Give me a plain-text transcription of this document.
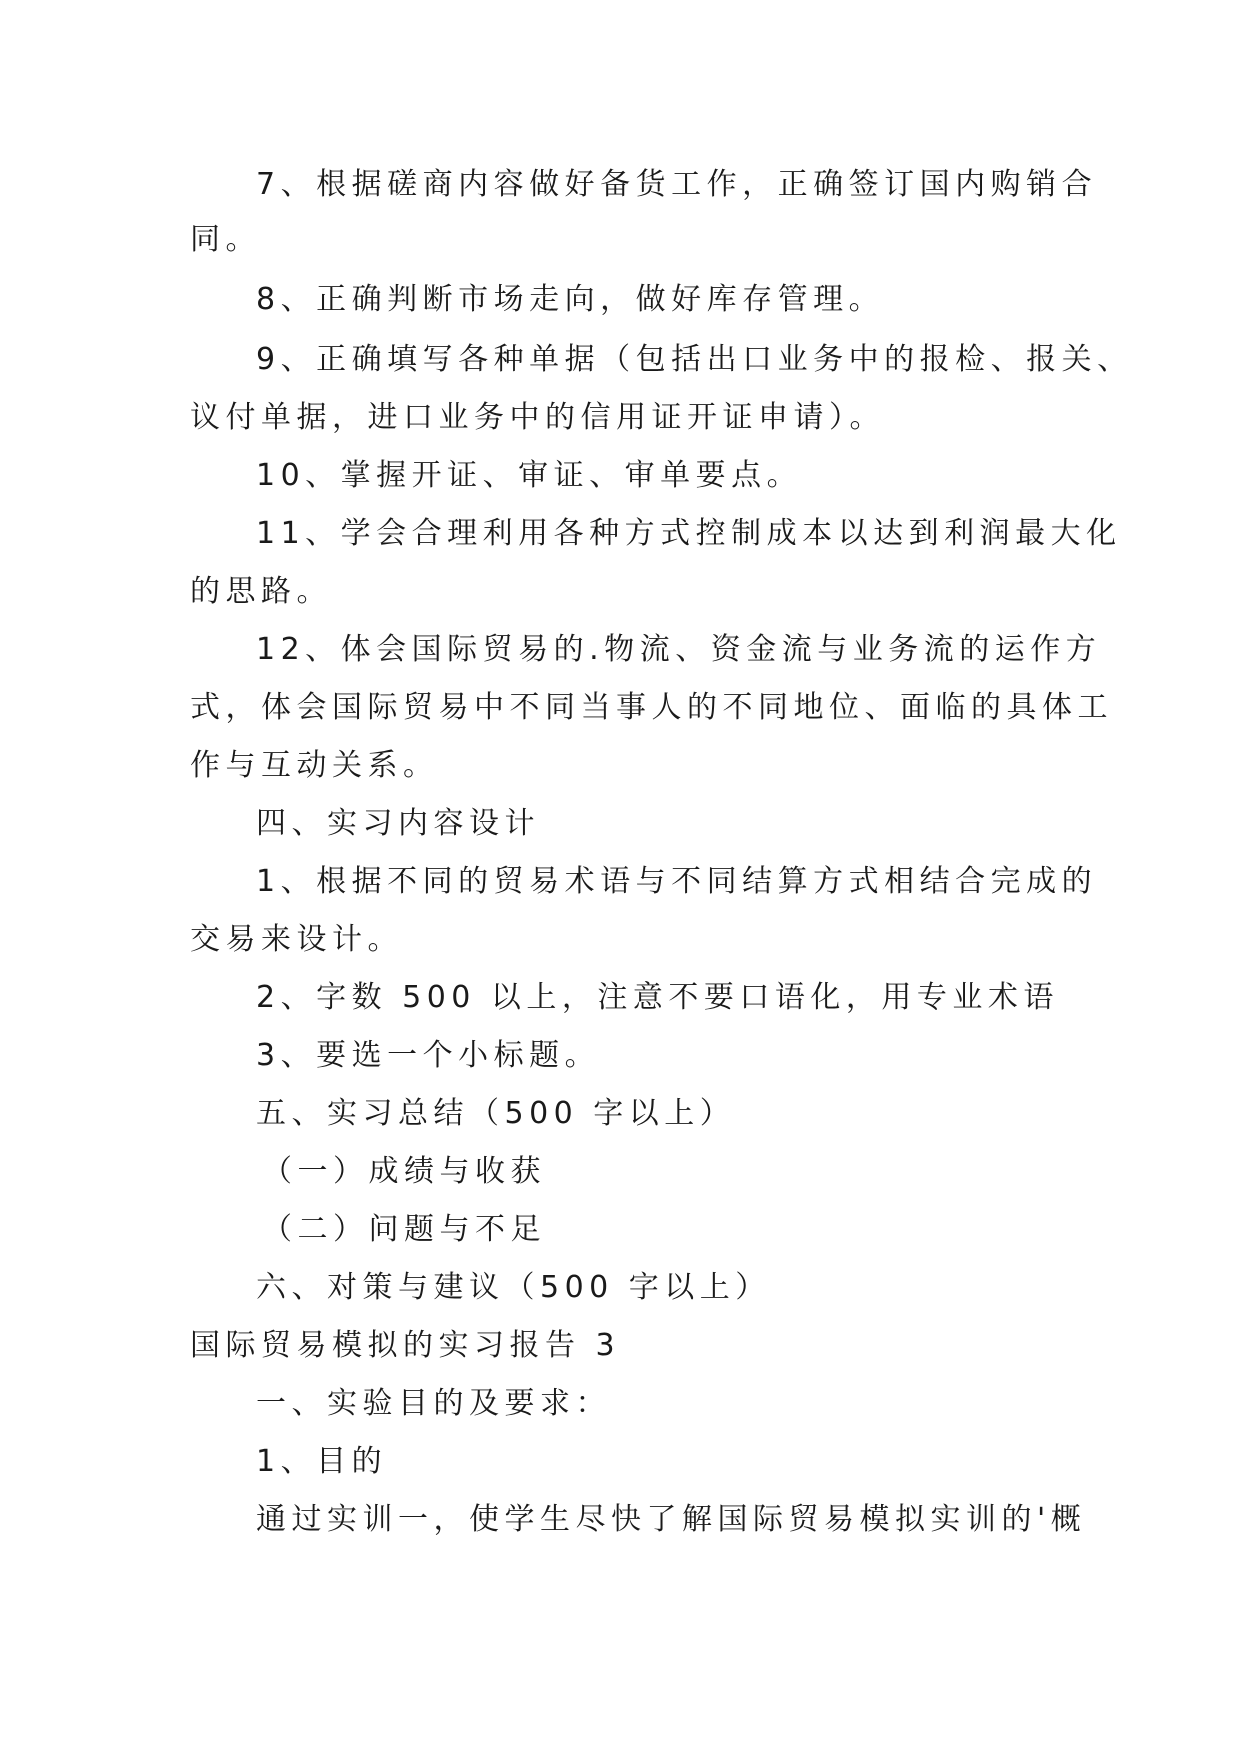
7、根据磋商内容做好备货工作，正确签订国内购销合
同。
8、正确判断市场走向，做好库存管理。
9、正确填写各种单据（包括出口业务中的报检、报关、
议付单据，进口业务中的信用证开证申请）。
10、掌握开证、审证、审单要点。
11、学会合理利用各种方式控制成本以达到利润最大化
的思路。
12、体会国际贸易的.物流、资金流与业务流的运作方
式，体会国际贸易中不同当事人的不同地位、面临的具体工
作与互动关系。
四、实习内容设计
1、根据不同的贸易术语与不同结算方式相结合完成的
交易来设计。
2、字数 500 以上，注意不要口语化，用专业术语
3、要选一个小标题。
五、实习总结（500 字以上）
（一）成绩与收获
（二）问题与不足
六、对策与建议（500 字以上）
国际贸易模拟的实习报告 3
一、实验目的及要求：
1、目的
通过实训一，使学生尽快了解国际贸易模拟实训的'概
